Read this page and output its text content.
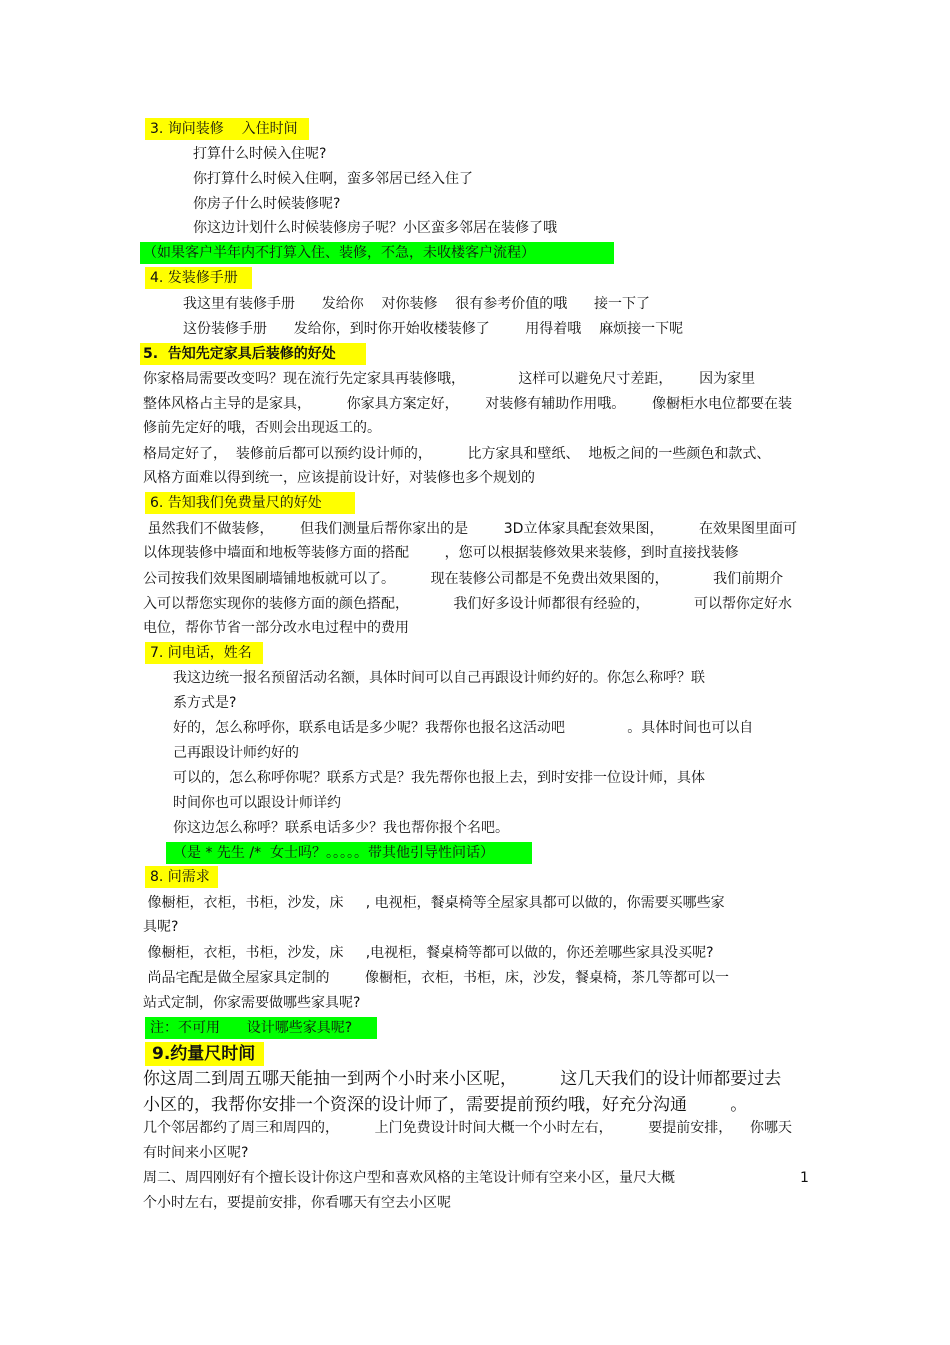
3. 询问装修    入住时间
打算什么时候入住呢?
你打算什么时候入住啊，蛮多邻居已经入住了
你房子什么时候装修呢?
你这边计划什么时候装修房子呢？小区蛮多邻居在装修了哦
（如果客户半年内不打算入住、装修，不急，未收楼客户流程）
4. 发装修手册
我这里有装修手册      发给你    对你装修    很有参考价值的哦      接一下了
这份装修手册      发给你，到时你开始收楼装修了        用得着哦    麻烦接一下呢
5.  告知先定家具后装修的好处
你家格局需要改变吗？现在流行先定家具再装修哦，            这样可以避免尺寸差距，      因为家里
整体风格占主导的是家具，        你家具方案定好，      对装修有辅助作用哦。      像橱柜水电位都要在装
修前先定好的哦，否则会出现返工的。
格局定好了，  装修前后都可以预约设计师的，        比方家具和壁纸、  地板之间的一些颜色和款式、
风格方面难以得到统一，应该提前设计好，对装修也多个规划的
6. 告知我们免费量尺的好处
虽然我们不做装修，      但我们测量后帮你家出的是        3D立体家具配套效果图，        在效果图里面可
以体现装修中墙面和地板等装修方面的搭配        ，您可以根据装修效果来装修，到时直接找装修
公司按我们效果图刷墙铺地板就可以了。        现在装修公司都是不免费出效果图的，          我们前期介
入可以帮您实现你的装修方面的颜色搭配，          我们好多设计师都很有经验的，          可以帮你定好水
电位，帮你节省一部分改水电过程中的费用
7. 问电话，姓名
我这边统一报名预留活动名额，具体时间可以自己再跟设计师约好的。你怎么称呼？联
系方式是?
好的，怎么称呼你，联系电话是多少呢？我帮你也报名这活动吧              。具体时间也可以自
己再跟设计师约好的
可以的，怎么称呼你呢？联系方式是？我先帮你也报上去，到时安排一位设计师，具体
时间你也可以跟设计师详约
你这边怎么称呼？联系电话多少？我也帮你报个名吧。
（是 * 先生 /*  女士吗？。。。。。带其他引导性问话）
8. 问需求
像橱柜，衣柜，书柜，沙发，床     , 电视柜，餐桌椅等全屋家具都可以做的，你需要买哪些家
具呢?
像橱柜，衣柜，书柜，沙发，床     ,电视柜，餐桌椅等都可以做的，你还差哪些家具没买呢?
尚品宅配是做全屋家具定制的        像橱柜，衣柜，书柜，床，沙发，餐桌椅，茶几等都可以一
站式定制，你家需要做哪些家具呢?
注：不可用      设计哪些家具呢?
9.约量尺时间
你这周二到周五哪天能抽一到两个小时来小区呢，        这几天我们的设计师都要过去
小区的，我帮你安排一个资深的设计师了，需要提前预约哦，好充分沟通        。
几个邻居都约了周三和周四的，        上门免费设计时间大概一个小时左右，        要提前安排，    你哪天
有时间来小区呢?
周二、周四刚好有个擅长设计你这户型和喜欢风格的主笔设计师有空来小区，量尺大概	1
个小时左右，要提前安排，你看哪天有空去小区呢
